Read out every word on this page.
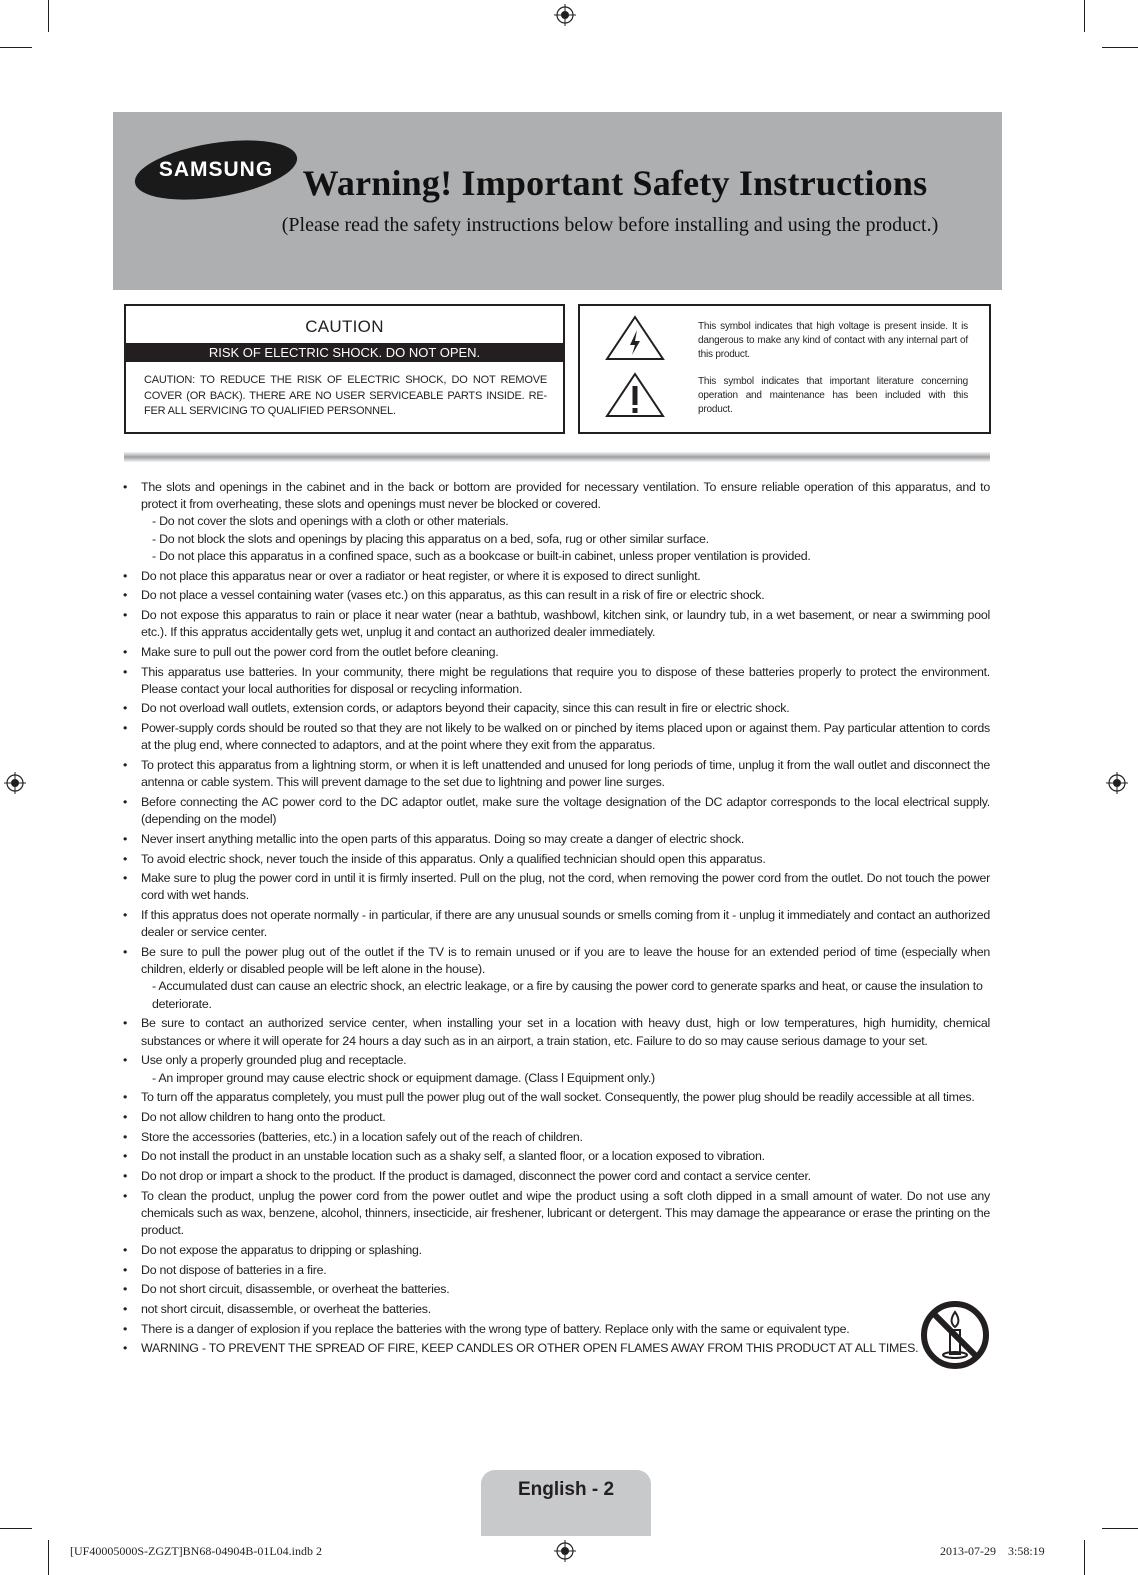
SAMSUNG Warning! Important Safety Instructions
(Please read the safety instructions below before installing and using the product.)
CAUTION
RISK OF ELECTRIC SHOCK. DO NOT OPEN.
CAUTION: TO REDUCE THE RISK OF ELECTRIC SHOCK, DO NOT REMOVE COVER (OR BACK). THERE ARE NO USER SERVICEABLE PARTS INSIDE. RE-FER ALL SERVICING TO QUALIFIED PERSONNEL.
This symbol indicates that high voltage is present inside. It is dangerous to make any kind of contact with any internal part of this product.
This symbol indicates that important literature concerning operation and maintenance has been included with this product.
• The slots and openings in the cabinet and in the back or bottom are provided for necessary ventilation. To ensure reliable operation of this apparatus, and to protect it from overheating, these slots and openings must never be blocked or covered.
- Do not cover the slots and openings with a cloth or other materials.
- Do not block the slots and openings by placing this apparatus on a bed, sofa, rug or other similar surface.
- Do not place this apparatus in a confined space, such as a bookcase or built-in cabinet, unless proper ventilation is provided.
• Do not place this apparatus near or over a radiator or heat register, or where it is exposed to direct sunlight.
• Do not place a vessel containing water (vases etc.) on this apparatus, as this can result in a risk of fire or electric shock.
• Do not expose this apparatus to rain or place it near water (near a bathtub, washbowl, kitchen sink, or laundry tub, in a wet basement, or near a swimming pool etc.). If this appratus accidentally gets wet, unplug it and contact an authorized dealer immediately.
• Make sure to pull out the power cord from the outlet before cleaning.
• This apparatus use batteries. In your community, there might be regulations that require you to dispose of these batteries properly to protect the environment. Please contact your local authorities for disposal or recycling information.
• Do not overload wall outlets, extension cords, or adaptors beyond their capacity, since this can result in fire or electric shock.
• Power-supply cords should be routed so that they are not likely to be walked on or pinched by items placed upon or against them. Pay particular attention to cords at the plug end, where connected to adaptors, and at the point where they exit from the apparatus.
• To protect this apparatus from a lightning storm, or when it is left unattended and unused for long periods of time, unplug it from the wall outlet and disconnect the antenna or cable system. This will prevent damage to the set due to lightning and power line surges.
• Before connecting the AC power cord to the DC adaptor outlet, make sure the voltage designation of the DC adaptor corresponds to the local electrical supply. (depending on the model)
• Never insert anything metallic into the open parts of this apparatus. Doing so may create a danger of electric shock.
• To avoid electric shock, never touch the inside of this apparatus. Only a qualified technician should open this apparatus.
• Make sure to plug the power cord in until it is firmly inserted. Pull on the plug, not the cord, when removing the power cord from the outlet. Do not touch the power cord with wet hands.
• If this appratus does not operate normally - in particular, if there are any unusual sounds or smells coming from it - unplug it immediately and contact an authorized dealer or service center.
• Be sure to pull the power plug out of the outlet if the TV is to remain unused or if you are to leave the house for an extended period of time (especially when children, elderly or disabled people will be left alone in the house).
- Accumulated dust can cause an electric shock, an electric leakage, or a fire by causing the power cord to generate sparks and heat, or cause the insulation to deteriorate.
• Be sure to contact an authorized service center, when installing your set in a location with heavy dust, high or low temperatures, high humidity, chemical substances or where it will operate for 24 hours a day such as in an airport, a train station, etc. Failure to do so may cause serious damage to your set.
• Use only a properly grounded plug and receptacle.
- An improper ground may cause electric shock or equipment damage. (Class l Equipment only.)
• To turn off the apparatus completely, you must pull the power plug out of the wall socket. Consequently, the power plug should be readily accessible at all times.
• Do not allow children to hang onto the product.
• Store the accessories (batteries, etc.) in a location safely out of the reach of children.
• Do not install the product in an unstable location such as a shaky self, a slanted floor, or a location exposed to vibration.
• Do not drop or impart a shock to the product. If the product is damaged, disconnect the power cord and contact a service center.
• To clean the product, unplug the power cord from the power outlet and wipe the product using a soft cloth dipped in a small amount of water. Do not use any chemicals such as wax, benzene, alcohol, thinners, insecticide, air freshener, lubricant or detergent. This may damage the appearance or erase the printing on the product.
• Do not expose the apparatus to dripping or splashing.
• Do not dispose of batteries in a fire.
• Do not short circuit, disassemble, or overheat the batteries.
• not short circuit, disassemble, or overheat the batteries.
• There is a danger of explosion if you replace the batteries with the wrong type of battery. Replace only with the same or equivalent type.
• WARNING - TO PREVENT THE SPREAD OF FIRE, KEEP CANDLES OR OTHER OPEN FLAMES AWAY FROM THIS PRODUCT AT ALL TIMES.
English - 2
[UF40005000S-ZGZT]BN68-04904B-01L04.indb 2	2013-07-29    3:58:19
